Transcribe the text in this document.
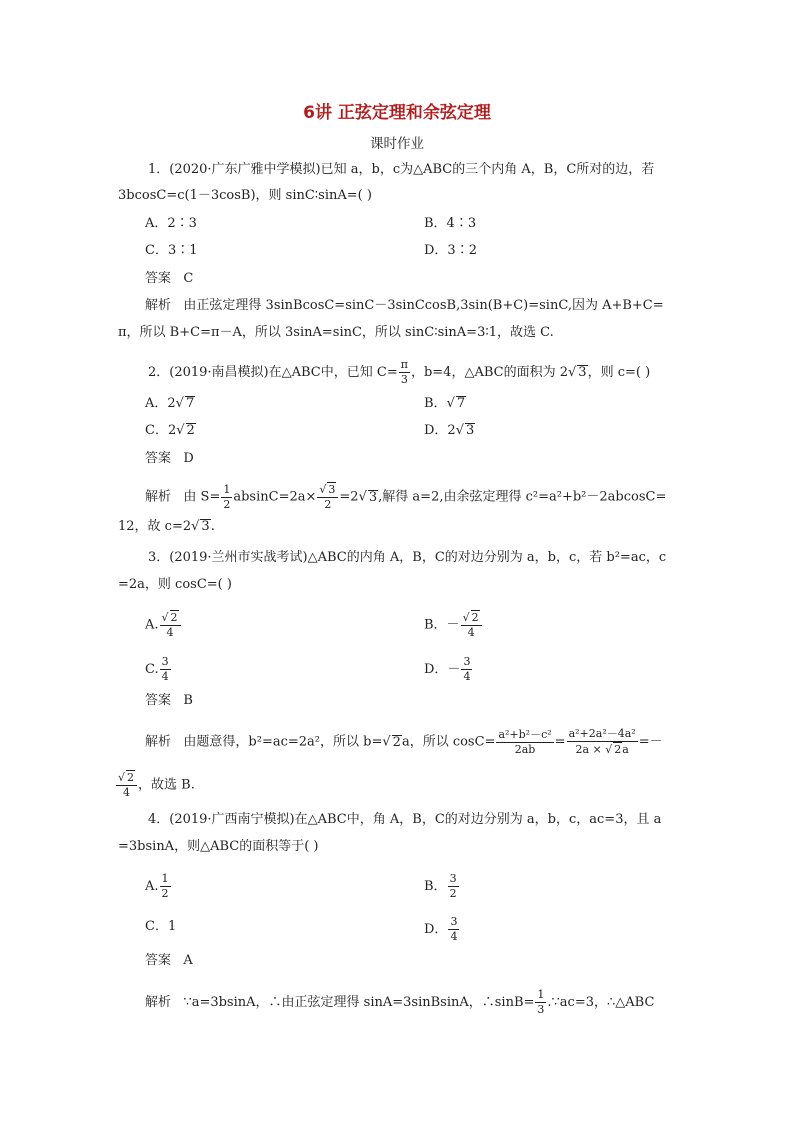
6讲 正弦定理和余弦定理
课时作业
1．(2020·广东广雅中学模拟)已知 a，b，c为△ABC的三个内角 A，B，C所对的边，若
3bcosC=c(1－3cosB)，则 sinC∶sinA=( )
A．2∶3	B．4∶3
C．3∶1	D．3∶2
答案 C
解析 由正弦定理得 3sinBcosC=sinC－3sinCcosB,3sin(B+C)=sinC,因为 A+B+C=
π，所以 B+C=π－A，所以 3sinA=sinC，所以 sinC∶sinA=3∶1，故选 C.
2．(2019·南昌模拟)在△ABC中，已知 $C= \frac{\pi}{3}$ ，b=4，△ABC的面积为 2√ 3，则 c=( )
A．2√ 7	B．√ 7
C．2√ 2	D．2√ 3
答案 D
解析 由 $S= \frac{1}{2} absinC=2a\times \frac{√ 3}{2} =2√$ 3,解得 a=2,由余弦定理得 c²=a²+b²－2abcosC=
12，故 c=2√ 3.
3．(2019·兰州市实战考试)△ABC的内角 A，B，C的对边分别为 a，b，c，若 b²=ac，c
=2a，则 cosC=( )
A. $\frac{√ 2}{4}$	B．－ $\frac{√ 2}{4}$
C. $\frac{3}{4}$	D．－ $\frac{3}{4}$
答案 B
解析 由题意得，b²=ac=2a²，所以 b=√ 2a，所以 $\cos C= \frac{\text{a²+b²－c²}}{2ab} = \frac{\text{a²+2a²－4a²}}{2a \times √ 2a}$ =－
$\frac{√ 2}{4}$ ，故选 B.
4．(2019·广西南宁模拟)在△ABC中，角 A，B，C的对边分别为 a，b，c，ac=3，且 a
=3bsinA，则△ABC的面积等于( )
A. $\frac{1}{2}$	B． $\frac{3}{2}$
C．1	D． $\frac{3}{4}$
答案 A
解析 ∵a=3bsinA，∴由正弦定理得 sinA=3sinBsinA，∴sinB= $\frac{1}{3}$ .∵ac=3，∴△ABC
